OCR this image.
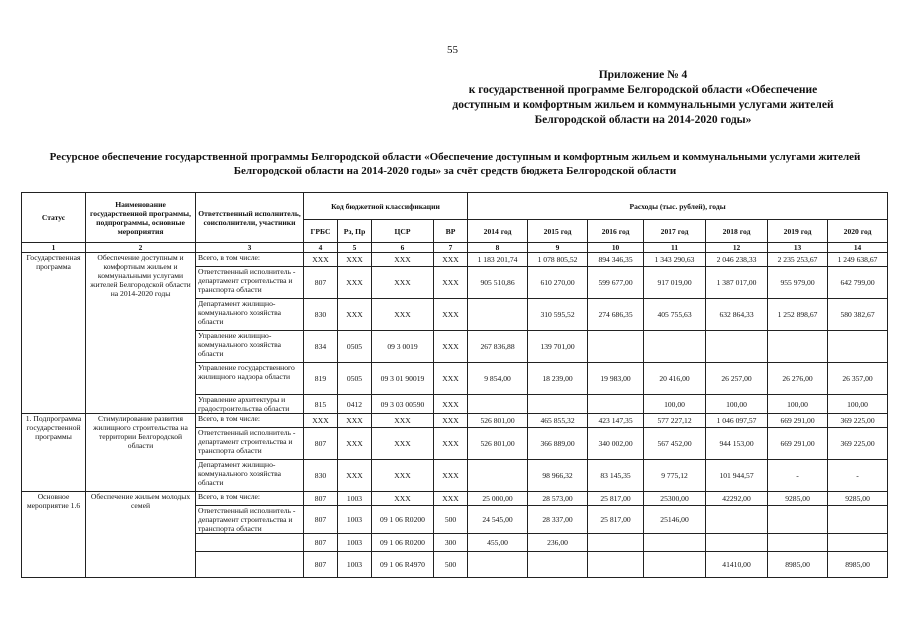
55
Приложение № 4
к государственной программе Белгородской области «Обеспечение
доступным и комфортным жильем и коммунальными услугами жителей
Белгородской области на 2014-2020 годы»
Ресурсное обеспечение государственной программы Белгородской области «Обеспечение доступным и комфортным жильем и коммунальными услугами жителей
Белгородской области на 2014-2020 годы» за счёт средств бюджета Белгородской области
Статус	Наименование государственной программы, подпрограммы, основные мероприятия	Ответственный исполнитель, соисполнители, участники	Код бюджетной классификации				Расходы (тыс. рублей), годы						
			ГРБС	Рз, Пр	ЦСР	ВР	2014 год	2015 год	2016 год	2017 год	2018 год	2019 год	2020 год
1	2	3	4	5	6	7	8	9	10	11	12	13	14
Государственная программа	Обеспечение доступным и комфортным жильем и коммунальными услугами жителей Белгородской области на 2014-2020 годы	Всего, в том числе:	XXX	XXX	XXX	XXX	1 183 201,74	1 078 805,52	894 346,35	1 343 290,63	2 046 238,33	2 235 253,67	1 249 638,67
		Ответственный исполнитель - департамент строительства и транспорта области	807	XXX	XXX	XXX	905 510,86	610 270,00	599 677,00	917 019,00	1 387 017,00	955 979,00	642 799,00
		Департамент жилищно-коммунального хозяйства области	830	XXX	XXX	XXX		310 595,52	274 686,35	405 755,63	632 864,33	1 252 898,67	580 382,67
		Управление жилищно-коммунального хозяйства области	834	0505	09 3 0019	XXX	267 836,88	139 701,00					
		Управление государственного жилищного надзора области	819	0505	09 3 01 90019	XXX	9 854,00	18 239,00	19 983,00	20 416,00	26 257,00	26 276,00	26 357,00
		Управление архитектуры и градостроительства области	815	0412	09 3 03 00590	XXX				100,00	100,00	100,00	100,00
1. Подпрограмма государственной программы	Стимулирование развития жилищного строительства на территории Белгородской области	Всего, в том числе:	XXX	XXX	XXX	XXX	526 801,00	465 855,32	423 147,35	577 227,12	1 046 097,57	669 291,00	369 225,00
		Ответственный исполнитель - департамент строительства и транспорта области	807	XXX	XXX	XXX	526 801,00	366 889,00	340 002,00	567 452,00	944 153,00	669 291,00	369 225,00
		Департамент жилищно-коммунального хозяйства области	830	XXX	XXX	XXX		98 966,32	83 145,35	9 775,12	101 944,57	-	-
Основное мероприятие 1.6	Обеспечение жильем молодых семей	Всего, в том числе:	807	1003	XXX	XXX	25 000,00	28 573,00	25 817,00	25300,00	42292,00	9285,00	9285,00
		Ответственный исполнитель - департамент строительства и транспорта области	807	1003	09 1 06 R0200	500	24 545,00	28 337,00	25 817,00	25146,00			
			807	1003	09 1 06 R0200	300	455,00	236,00					
			807	1003	09 1 06 R4970	500					41410,00	8985,00	8985,00
